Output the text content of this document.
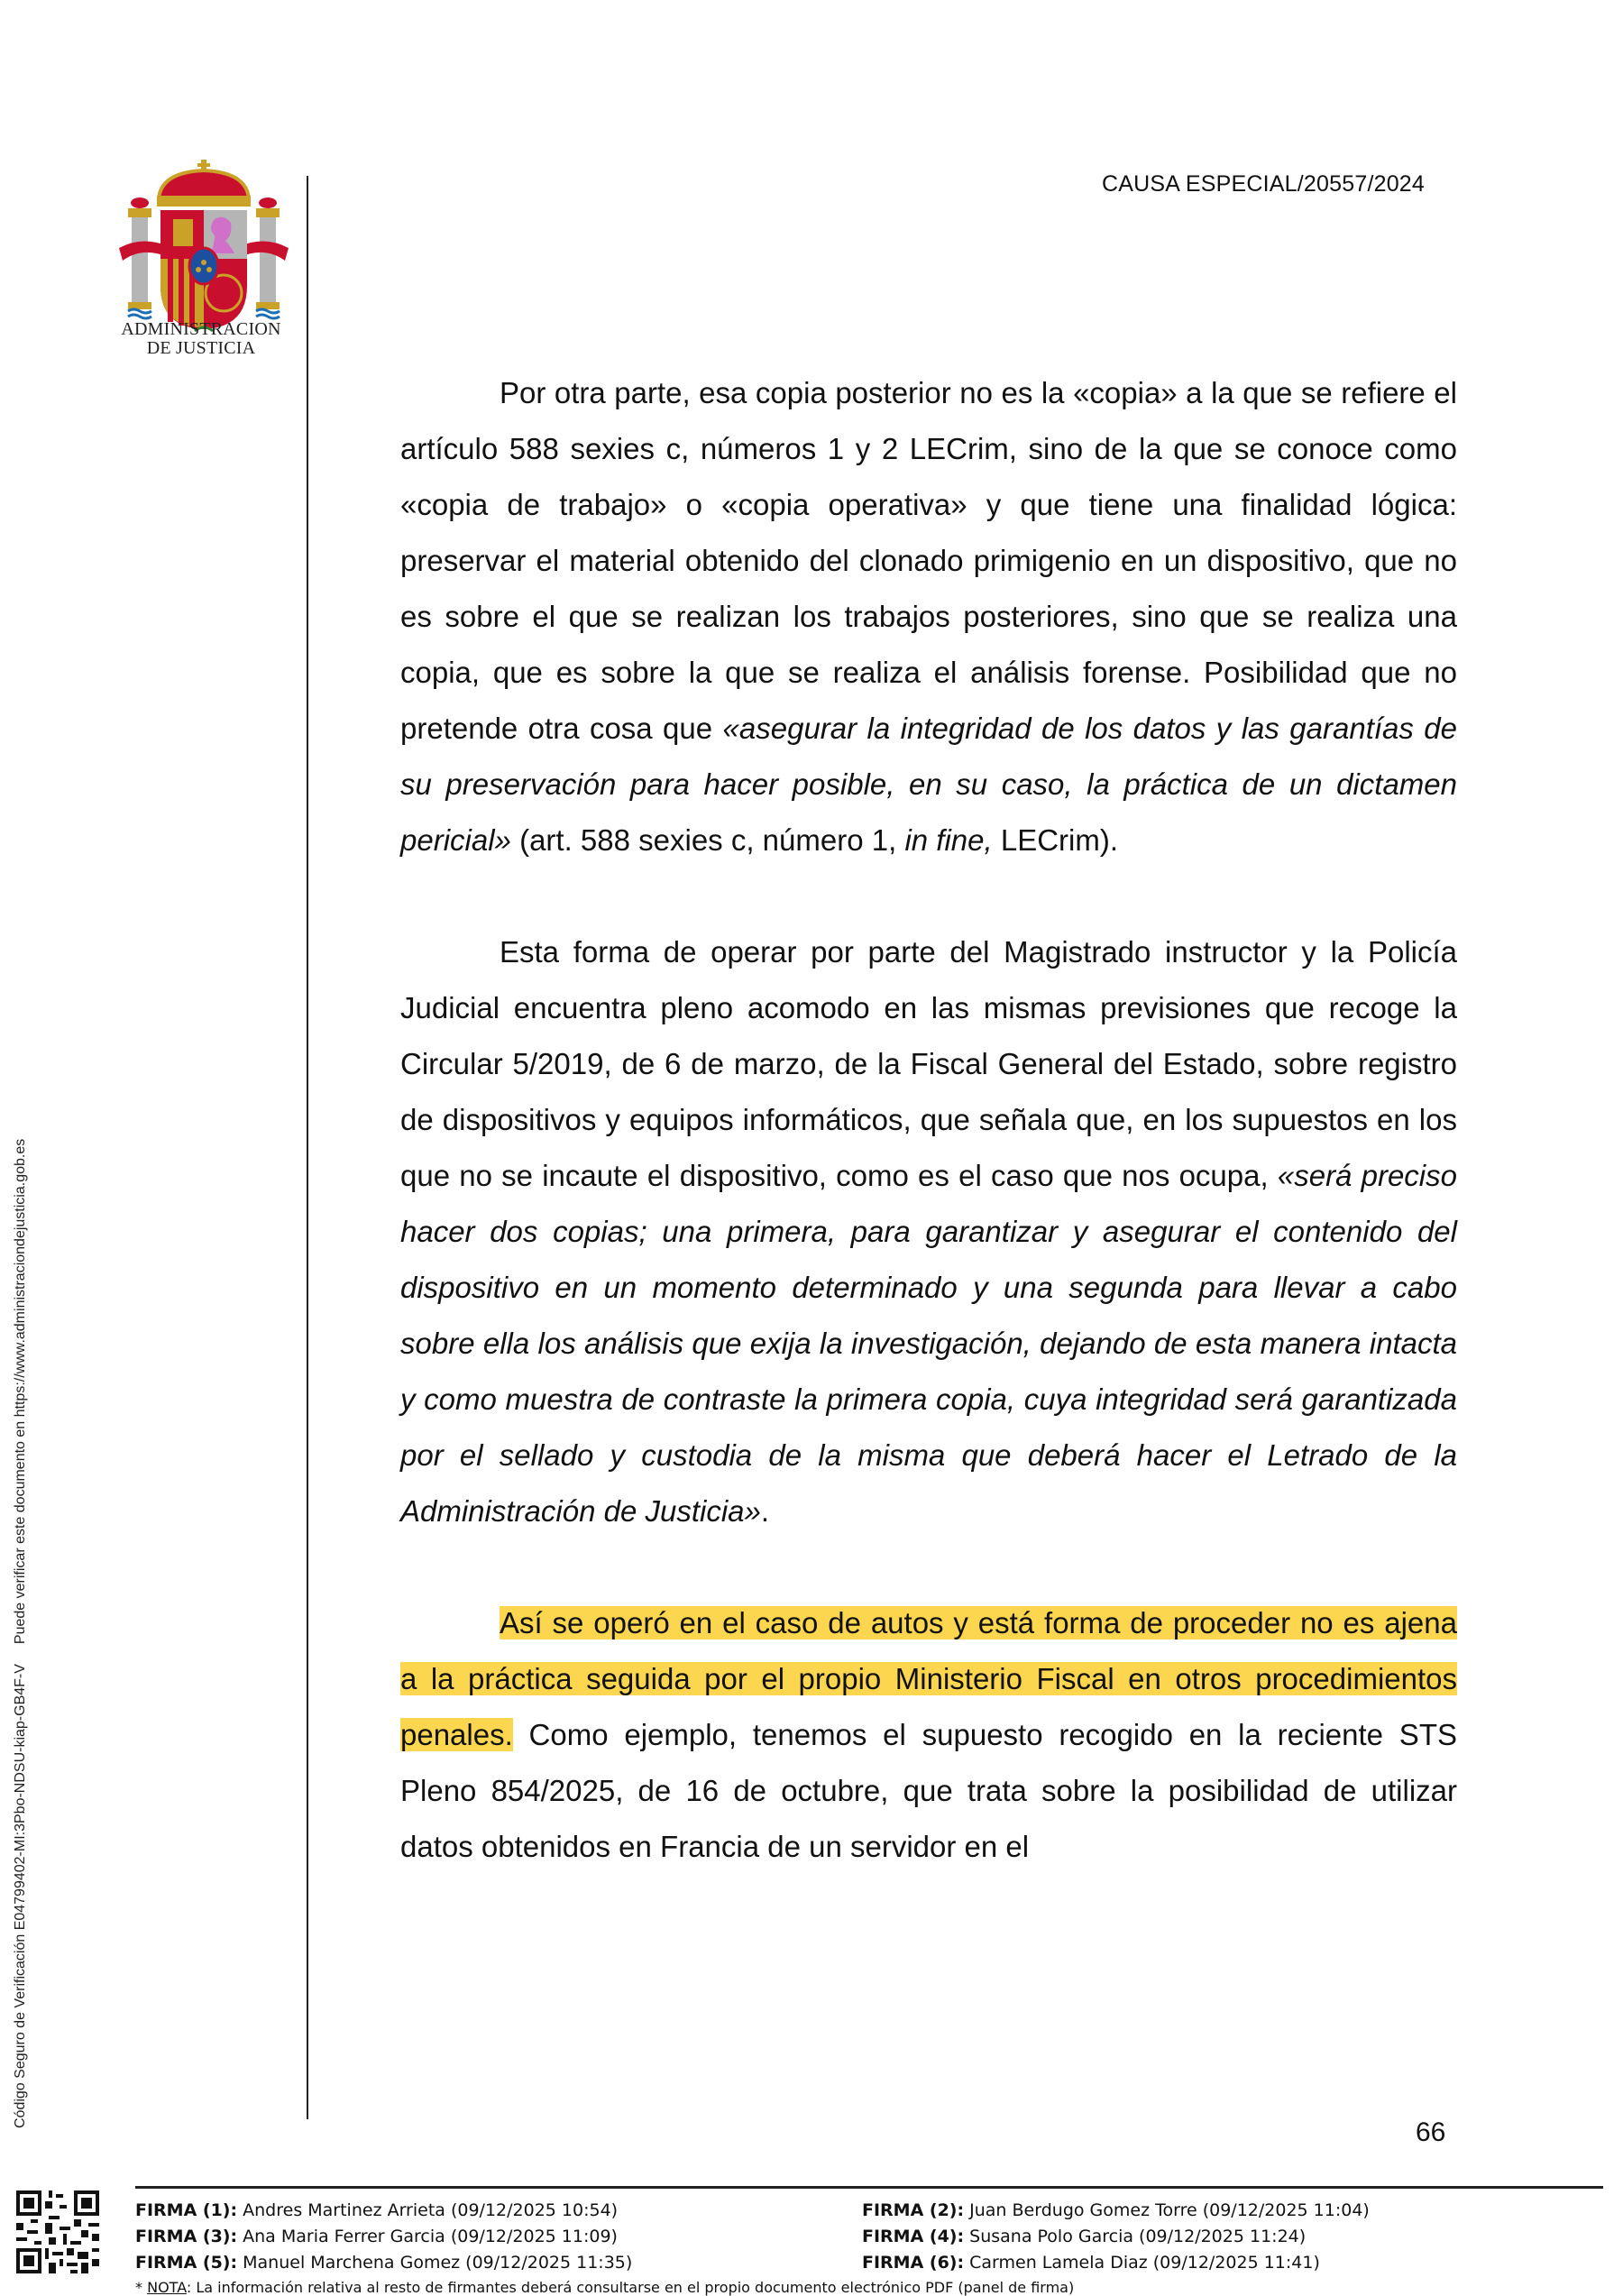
ADMINISTRACION
DE JUSTICIA
CAUSA ESPECIAL/20557/2024

Por otra parte, esa copia posterior no es la «copia» a la que se refiere el artículo 588 sexies c, números 1 y 2 LECrim, sino de la que se conoce como «copia de trabajo» o «copia operativa» y que tiene una finalidad lógica: preservar el material obtenido del clonado primigenio en un dispositivo, que no es sobre el que se realizan los trabajos posteriores, sino que se realiza una copia, que es sobre la que se realiza el análisis forense. Posibilidad que no pretende otra cosa que «asegurar la integridad de los datos y las garantías de su preservación para hacer posible, en su caso, la práctica de un dictamen pericial» (art. 588 sexies c, número 1, in fine, LECrim).

Esta forma de operar por parte del Magistrado instructor y la Policía Judicial encuentra pleno acomodo en las mismas previsiones que recoge la Circular 5/2019, de 6 de marzo, de la Fiscal General del Estado, sobre registro de dispositivos y equipos informáticos, que señala que, en los supuestos en los que no se incaute el dispositivo, como es el caso que nos ocupa, «será preciso hacer dos copias; una primera, para garantizar y asegurar el contenido del dispositivo en un momento determinado y una segunda para llevar a cabo sobre ella los análisis que exija la investigación, dejando de esta manera intacta y como muestra de contraste la primera copia, cuya integridad será garantizada por el sellado y custodia de la misma que deberá hacer el Letrado de la Administración de Justicia».

Así se operó en el caso de autos y está forma de proceder no es ajena a la práctica seguida por el propio Ministerio Fiscal en otros procedimientos penales. Como ejemplo, tenemos el supuesto recogido en la reciente STS Pleno 854/2025, de 16 de octubre, que trata sobre la posibilidad de utilizar datos obtenidos en Francia de un servidor en el

66
Código Seguro de Verificación E04799402-MI:3Pbo-NDSU-kiap-GB4F-VPuede verificar este documento en https://www.administraciondejusticia.gob.es
FIRMA (1): Andres Martinez Arrieta (09/12/2025 10:54)	FIRMA (2): Juan Berdugo Gomez Torre (09/12/2025 11:04)
FIRMA (3): Ana Maria Ferrer Garcia (09/12/2025 11:09)	FIRMA (4): Susana Polo Garcia (09/12/2025 11:24)
FIRMA (5): Manuel Marchena Gomez (09/12/2025 11:35)	FIRMA (6): Carmen Lamela Diaz (09/12/2025 11:41)
* NOTA: La información relativa al resto de firmantes deberá consultarse en el propio documento electrónico PDF (panel de firma)
